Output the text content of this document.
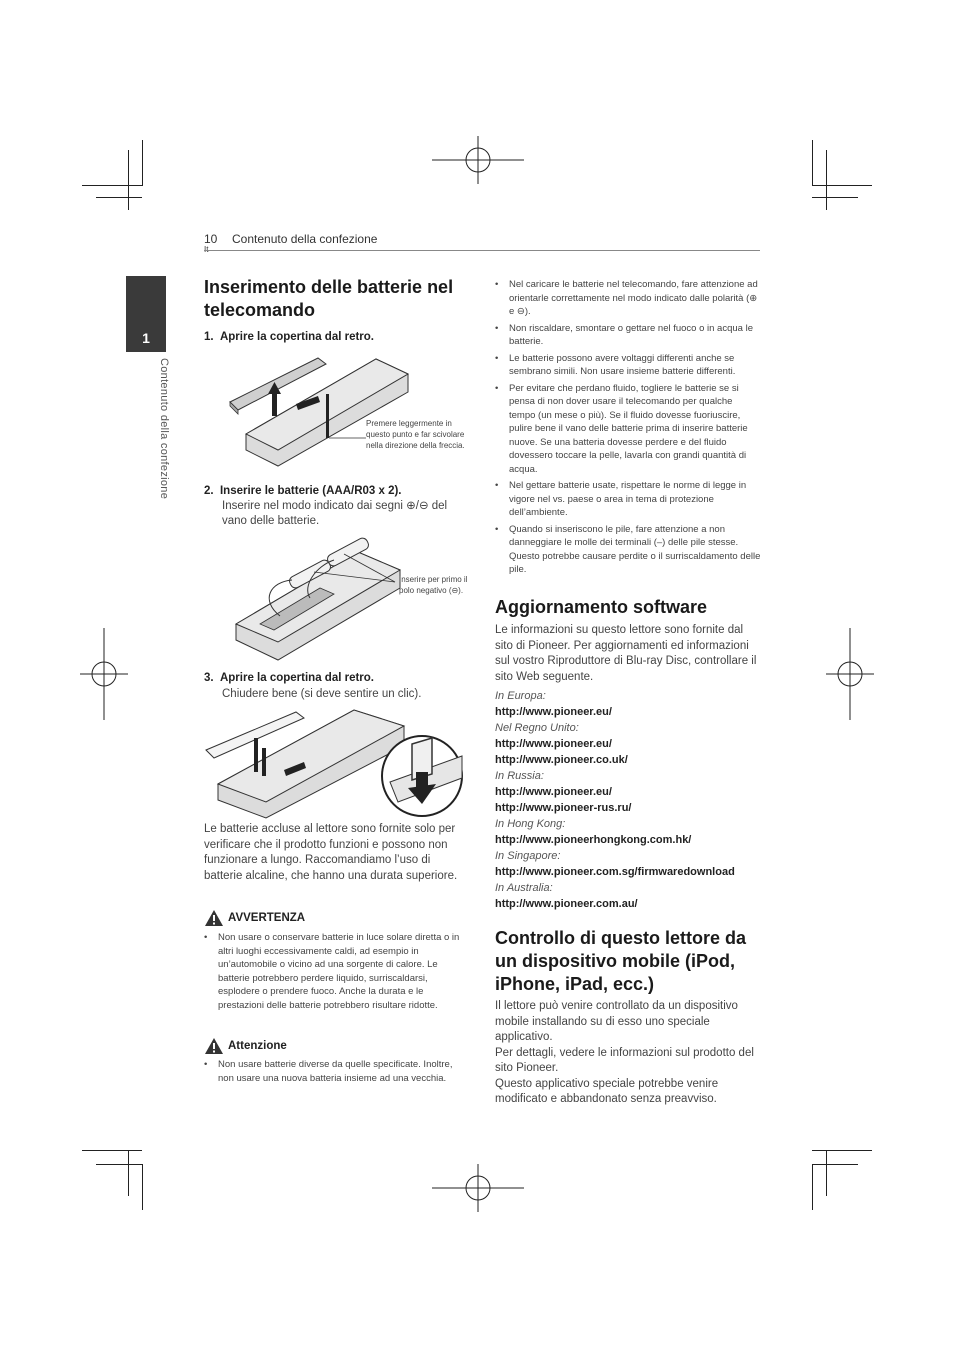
10 Contenuto della confezione
1
Contenuto della confezione
Inserimento delle batterie nel telecomando
1.  Aprire la copertina dal retro.
Premere leggermente in questo punto e far scivolare nella direzione della freccia.
2.  Inserire le batterie (AAA/R03 x 2).
Inserire nel modo indicato dai segni ⊕/⊖ del vano delle batterie.
Inserire per primo il polo negativo (⊖).
3.  Aprire la copertina dal retro.
Chiudere bene (si deve sentire un clic).
Le batterie accluse al lettore sono fornite solo per verificare che il prodotto funzioni e possono non funzionare a lungo. Raccomandiamo l’uso di batterie alcaline, che hanno una durata superiore.
AVVERTENZA
• Non usare o conservare batterie in luce solare diretta o in altri luoghi eccessivamente caldi, ad esempio in un’automobile o vicino ad una sorgente di calore. Le batterie potrebbero perdere liquido, surriscaldarsi, esplodere o prendere fuoco. Anche la durata e le prestazioni delle batterie potrebbero risultare ridotte.
Attenzione
• Non usare batterie diverse da quelle specificate. Inoltre, non usare una nuova batteria insieme ad una vecchia.
• Nel caricare le batterie nel telecomando, fare attenzione ad orientarle correttamente nel modo indicato dalle polarità (⊕ e ⊖).
• Non riscaldare, smontare o gettare nel fuoco o in acqua le batterie.
• Le batterie possono avere voltaggi differenti anche se sembrano simili. Non usare insieme batterie differenti.
• Per evitare che perdano fluido, togliere le batterie se si pensa di non dover usare il telecomando per qualche tempo (un mese o più). Se il fluido dovesse fuoriuscire, pulire bene il vano delle batterie prima di inserire batterie nuove. Se una batteria dovesse perdere e del fluido dovessero toccare la pelle, lavarla con grandi quantità di acqua.
• Nel gettare batterie usate, rispettare le norme di legge in vigore nel vs. paese o area in tema di protezione dell’ambiente.
• Quando si inseriscono le pile, fare attenzione a non danneggiare le molle dei terminali (–) delle pile stesse. Questo potrebbe causare perdite o il surriscaldamento delle pile.
Aggiornamento software
Le informazioni su questo lettore sono fornite dal sito di Pioneer. Per aggiornamenti ed informazioni sul vostro Riproduttore di Blu-ray Disc, controllare il sito Web seguente.
In Europa:
http://www.pioneer.eu/
Nel Regno Unito:
http://www.pioneer.eu/
http://www.pioneer.co.uk/
In Russia:
http://www.pioneer.eu/
http://www.pioneer-rus.ru/
In Hong Kong:
http://www.pioneerhongkong.com.hk/
In Singapore:
http://www.pioneer.com.sg/firmwaredownload
In Australia:
http://www.pioneer.com.au/
Controllo di questo lettore da un dispositivo mobile (iPod, iPhone, iPad, ecc.)
Il lettore può venire controllato da un dispositivo mobile installando su di esso uno speciale applicativo.
Per dettagli, vedere le informazioni sul prodotto del sito Pioneer.
Questo applicativo speciale potrebbe venire modificato e abbandonato senza preavviso.
